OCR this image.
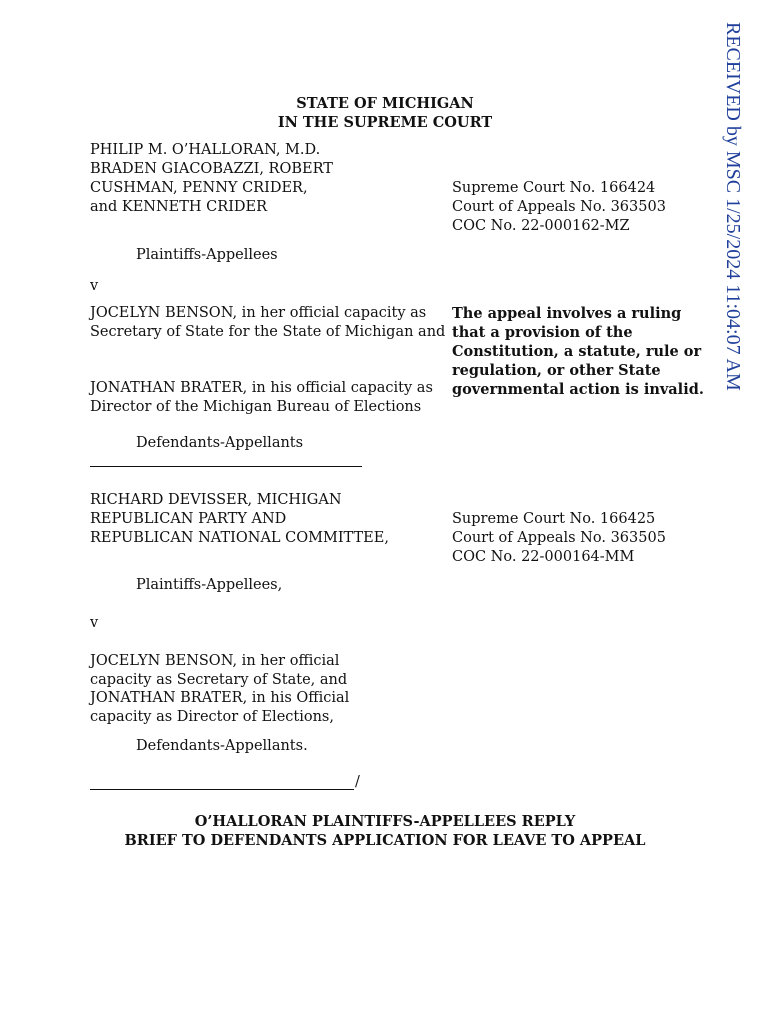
RECEIVED by MSC 1/25/2024 11:04:07 AM

STATE OF MICHIGAN

IN THE SUPREME COURT

PHILIP M. O’HALLORAN, M.D.

BRADEN GIACOBAZZI, ROBERT

CUSHMAN, PENNY CRIDER,

and KENNETH CRIDER

Supreme Court No. 166424

Court of Appeals No. 363503

COC No. 22-000162-MZ

Plaintiffs-Appellees

v

JOCELYN BENSON, in her official capacity as

Secretary of State for the State of Michigan and

The appeal involves a ruling

that a provision of the

Constitution, a statute, rule or

regulation, or other State

governmental action is invalid.

JONATHAN BRATER, in his official capacity as

Director of the Michigan Bureau of Elections

Defendants-Appellants

RICHARD DEVISSER, MICHIGAN

REPUBLICAN PARTY AND

REPUBLICAN NATIONAL COMMITTEE,

Supreme Court No. 166425

Court of Appeals No. 363505

COC No. 22-000164-MM

Plaintiffs-Appellees,

v

JOCELYN BENSON, in her official

capacity as Secretary of State, and

JONATHAN BRATER, in his Official

capacity as Director of Elections,

Defendants-Appellants.

/

O’HALLORAN PLAINTIFFS-APPELLEES REPLY

BRIEF TO DEFENDANTS APPLICATION FOR LEAVE TO APPEAL
